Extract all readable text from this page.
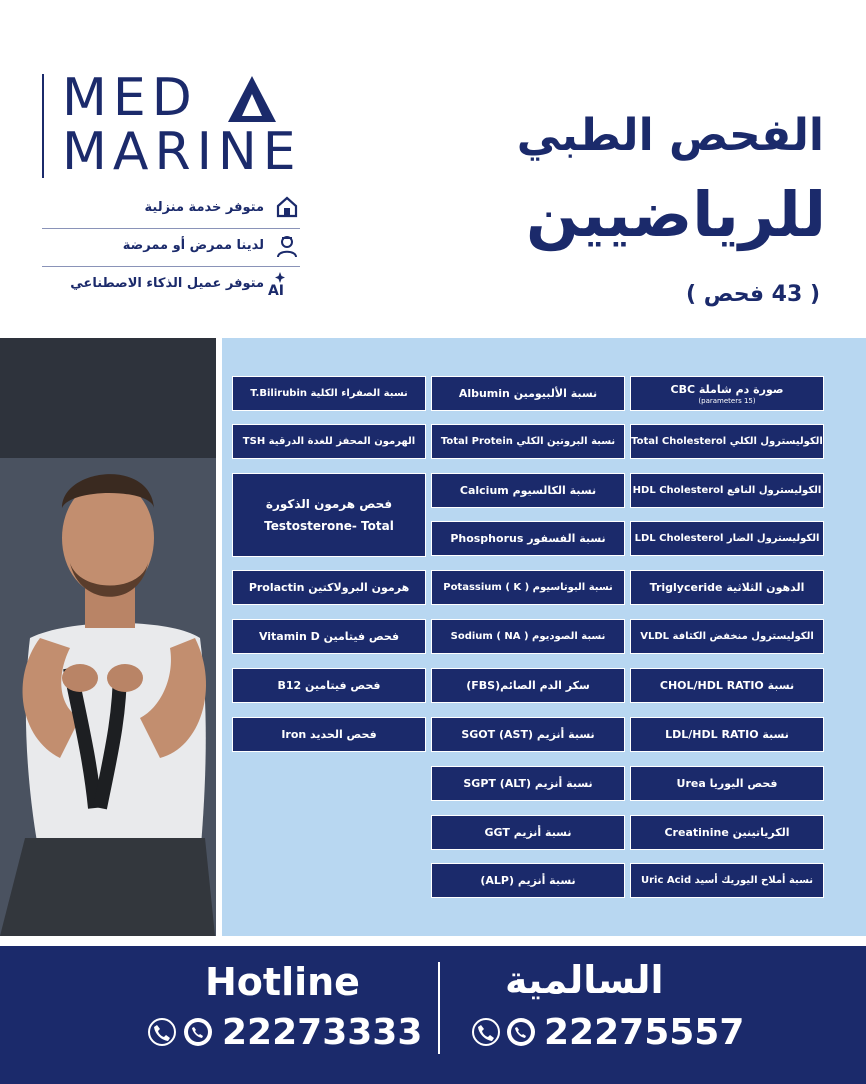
MED
MARINE
متوفر خدمة منزلية
لدينا ممرض أو ممرضة
AI
متوفر عميل الذكاء الاصطناعي
الفحص الطبي
للرياضيين
( 43 فحص )
صورة دم شاملة CBC
(15 parameters)
الكوليسترول الكلي Total Cholesterol
الكوليسترول النافع HDL Cholesterol
الكوليسترول الضار LDL Cholesterol
الدهون الثلاثية Triglyceride
الكوليسترول منخفض الكثافة VLDL
نسبة CHOL/HDL RATIO
نسبة LDL/HDL RATIO
فحص اليوريا Urea
الكرياتينين Creatinine
نسبة أملاح اليوريك أسيد Uric Acid
نسبة الألبيومين Albumin
نسبة البروتين الكلي Total Protein
نسبة الكالسيوم Calcium
نسبة الفسفور Phosphorus
نسبة البوتاسيوم ( Potassium ( K
نسبة الصوديوم ( Sodium ( NA
سكر الدم الصائم(FBS)
نسبة أنزيم (SGOT (AST
نسبة أنزيم (SGPT (ALT
نسبة أنزيم GGT
نسبة أنزيم (ALP)
نسبة الصفراء الكلية T.Bilirubin
الهرمون المحفز للغدة الدرقية TSH
فحص هرمون الذكورة
Testosterone- Total
هرمون البرولاكتين Prolactin
فحص فيتامين Vitamin D
فحص فيتامين B12
فحص الحديد Iron
السالمية
22275557
Hotline
22273333
